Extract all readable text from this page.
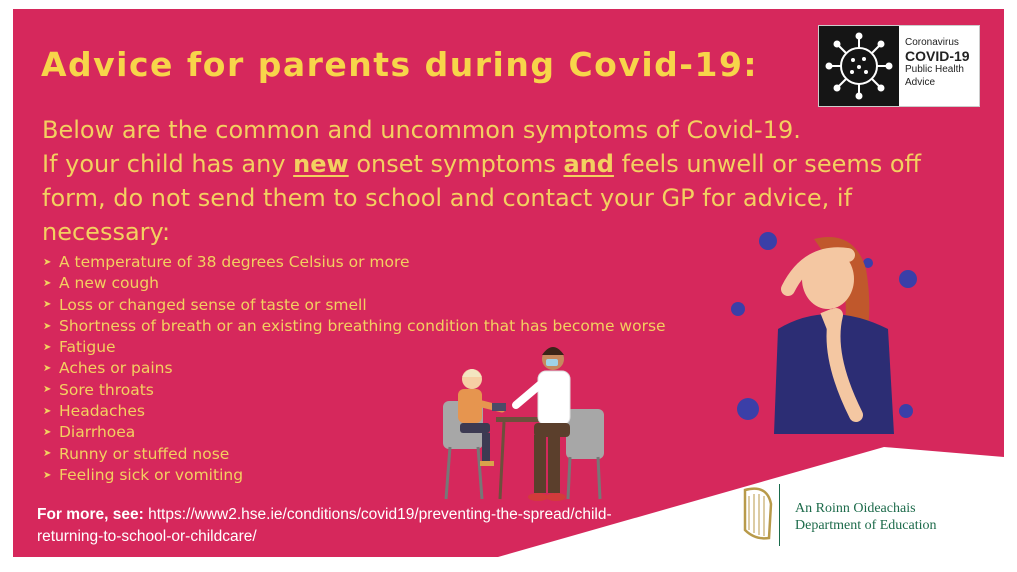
Advice for parents during Covid-19:
Coronavirus
COVID-19
Public Health
Advice
Below are the common and uncommon symptoms of Covid-19.
If your child has any new onset symptoms and feels unwell or seems off form, do not send them to school and contact your GP for advice, if necessary:
➤ A temperature of 38 degrees Celsius or more
➤ A new cough
➤ Loss or changed sense of taste or smell
➤ Shortness of breath or an existing breathing condition that has become worse
➤ Fatigue
➤ Aches or pains
➤ Sore throats
➤ Headaches
➤ Diarrhoea
➤ Runny or stuffed nose
➤ Feeling sick or vomiting
For more, see: https://www2.hse.ie/conditions/covid19/preventing-the-spread/child-returning-to-school-or-childcare/
An Roinn Oideachais
Department of Education
